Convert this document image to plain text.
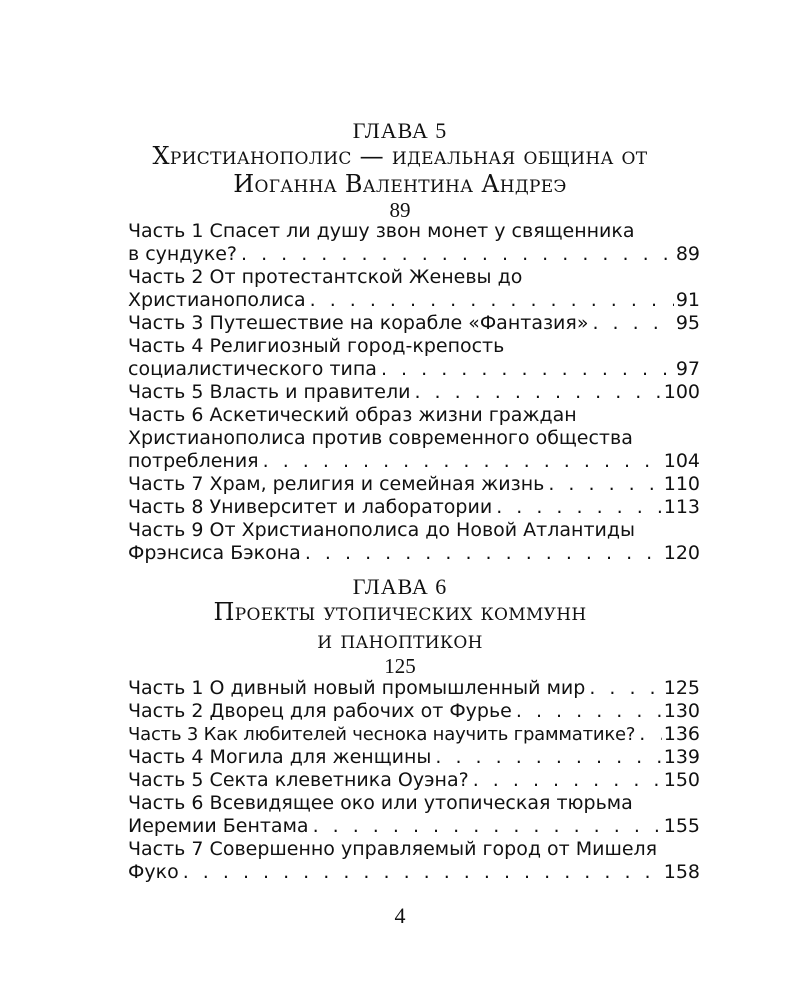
ГЛАВА 5
Христианополис — идеальная община от
Иоганна Валентина Андреэ
89
Часть 1 Спасет ли душу звон монет у священника
в сундуке? . . .	89
Часть 2 От протестантской Женевы до
Христианополиса . . .	91
Часть 3 Путешествие на корабле «Фантазия» . . .	95
Часть 4 Религиозный город-крепость
социалистического типа . . .	97
Часть 5 Власть и правители . . .	100
Часть 6 Аскетический образ жизни граждан
Христианополиса против современного общества
потребления . . .	104
Часть 7 Храм, религия и семейная жизнь . . .	110
Часть 8 Университет и лаборатории . . .	113
Часть 9 От Христианополиса до Новой Атлантиды
Фрэнсиса Бэкона . . .	120
ГЛАВА 6
Проекты утопических коммунн
и паноптикон
125
Часть 1 О дивный новый промышленный мир . . .	125
Часть 2 Дворец для рабочих от Фурье . . .	130
Часть 3 Как любителей чеснока научить грамматике? . . . 136
Часть 4 Могила для женщины . . .	139
Часть 5 Секта клеветника Оуэна? . . .	150
Часть 6 Всевидящее око или утопическая тюрьма
Иеремии Бентама . . .	155
Часть 7 Совершенно управляемый город от Мишеля
Фуко . . .	158
4
